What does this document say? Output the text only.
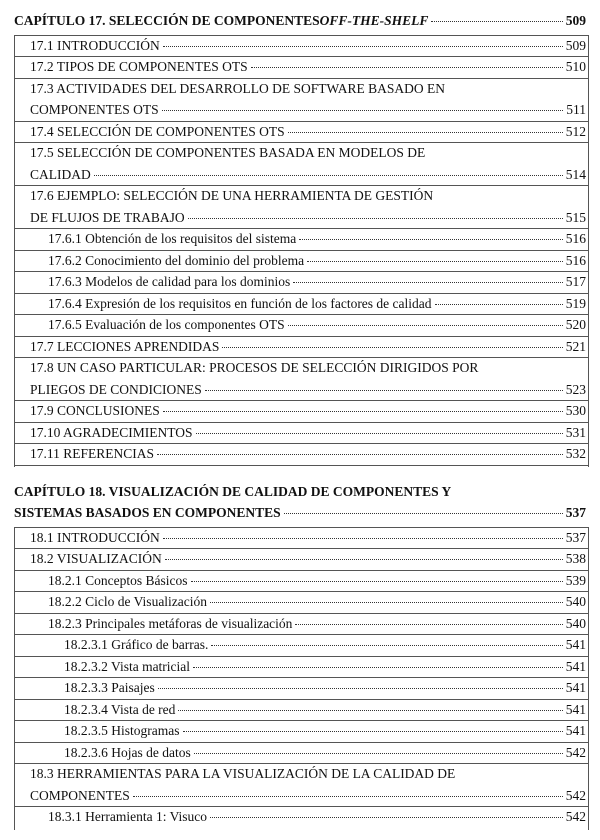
CAPÍTULO 17. SELECCIÓN DE COMPONENTES OFF-THE-SHELF	509
17.1 INTRODUCCIÓN	509
17.2 TIPOS DE COMPONENTES OTS	510
17.3 ACTIVIDADES DEL DESARROLLO DE SOFTWARE BASADO EN
COMPONENTES OTS	511
17.4 SELECCIÓN DE COMPONENTES OTS	512
17.5 SELECCIÓN DE COMPONENTES BASADA EN MODELOS DE
CALIDAD	514
17.6 EJEMPLO: SELECCIÓN DE UNA HERRAMIENTA DE GESTIÓN
DE FLUJOS DE TRABAJO	515
17.6.1 Obtención de los requisitos del sistema	516
17.6.2 Conocimiento del dominio del problema	516
17.6.3 Modelos de calidad para los dominios	517
17.6.4 Expresión de los requisitos en función de los factores de calidad	519
17.6.5 Evaluación de los componentes OTS	520
17.7 LECCIONES APRENDIDAS	521
17.8 UN CASO PARTICULAR: PROCESOS DE SELECCIÓN DIRIGIDOS POR
PLIEGOS DE CONDICIONES	523
17.9 CONCLUSIONES	530
17.10 AGRADECIMIENTOS	531
17.11 REFERENCIAS	532
CAPÍTULO 18. VISUALIZACIÓN DE CALIDAD DE COMPONENTES Y
SISTEMAS BASADOS EN COMPONENTES	537
18.1 INTRODUCCIÓN	537
18.2 VISUALIZACIÓN	538
18.2.1 Conceptos Básicos	539
18.2.2 Ciclo de Visualización	540
18.2.3 Principales metáforas de visualización	540
18.2.3.1 Gráfico de barras.	541
18.2.3.2 Vista matricial	541
18.2.3.3 Paisajes	541
18.2.3.4 Vista de red	541
18.2.3.5 Histogramas	541
18.2.3.6 Hojas de datos	542
18.3 HERRAMIENTAS PARA LA VISUALIZACIÓN DE LA CALIDAD DE
COMPONENTES	542
18.3.1 Herramienta 1: Visuco	542
